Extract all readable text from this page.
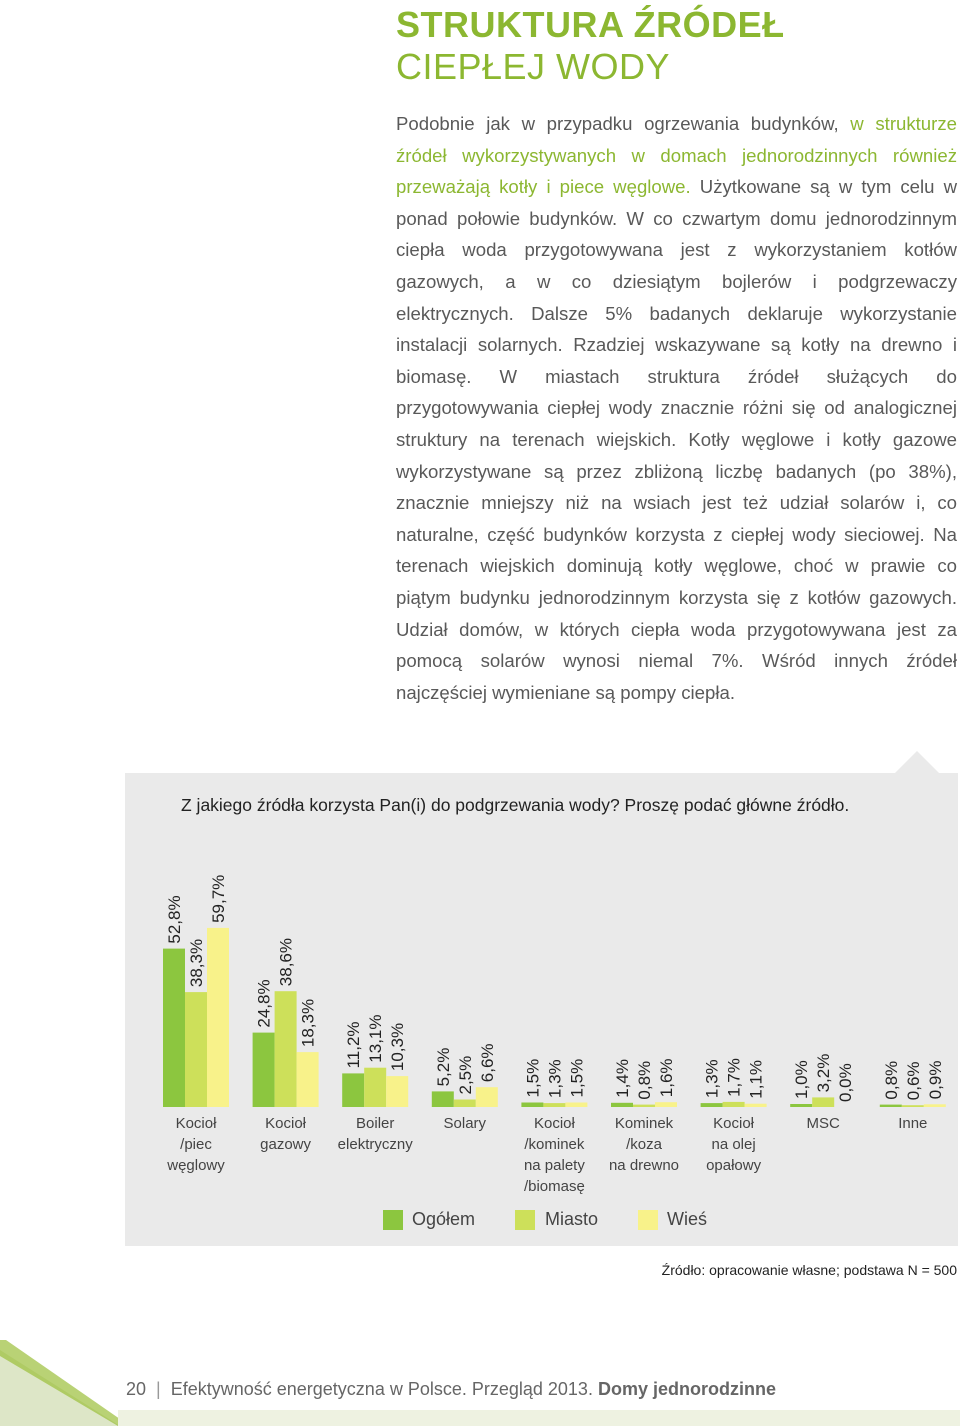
STRUKTURA ŹRÓDEŁ
CIEPŁEJ WODY

Podobnie jak w przypadku ogrzewania budynków, w strukturze źródeł wykorzystywanych w domach jednorodzinnych również przeważają kotły i piece węglowe. Użytkowane są w tym celu w ponad połowie budynków. W co czwartym domu jednorodzinnym ciepła woda przygotowywana jest z wykorzystaniem kotłów gazowych, a w co dziesiątym bojlerów i podgrzewaczy elektrycznych. Dalsze 5% badanych deklaruje wykorzystanie instalacji solarnych. Rzadziej wskazywane są kotły na drewno i biomasę. W miastach struktura źródeł służących do przygotowywania ciepłej wody znacznie różni się od analogicznej struktury na terenach wiejskich. Kotły węglowe i kotły gazowe wykorzystywane są przez zbliżoną liczbę badanych (po 38%), znacznie mniejszy niż na wsiach jest też udział solarów i, co naturalne, część budynków korzysta z ciepłej wody sieciowej. Na terenach wiejskich dominują kotły węglowe, choć w prawie co piątym budynku jednorodzinnym korzysta się z kotłów gazowych. Udział domów, w których ciepła woda przygotowywana jest za pomocą solarów wynosi niemal 7%. Wśród innych źródeł najczęściej wymieniane są pompy ciepła.

Z jakiego źródła korzysta Pan(i) do podgrzewania wody? Proszę podać główne źródło.
52,8%
38,3%
59,7%
Kocioł
/piec
węglowy
24,8%
38,6%
18,3%
Kocioł
gazowy
11,2% 13,1% 10,3%
Boiler
elektryczny
5,2% 2,5% 6,6%
Solary
1,5% 1,3% 1,5%
Kocioł
/kominek
na palety
/biomasę
1,4% 0,8% 1,6%
Kominek
/koza
na drewno
1,3% 1,7% 1,1%
Kocioł
na olej
opałowy
1,0% 3,2% 0,0%
MSC
0,8% 0,6% 0,9%
Inne
Ogółem	Miasto	Wieś
Źródło: opracowanie własne; podstawa N = 500
20 | Efektywność energetyczna w Polsce. Przegląd 2013. Domy jednorodzinne
